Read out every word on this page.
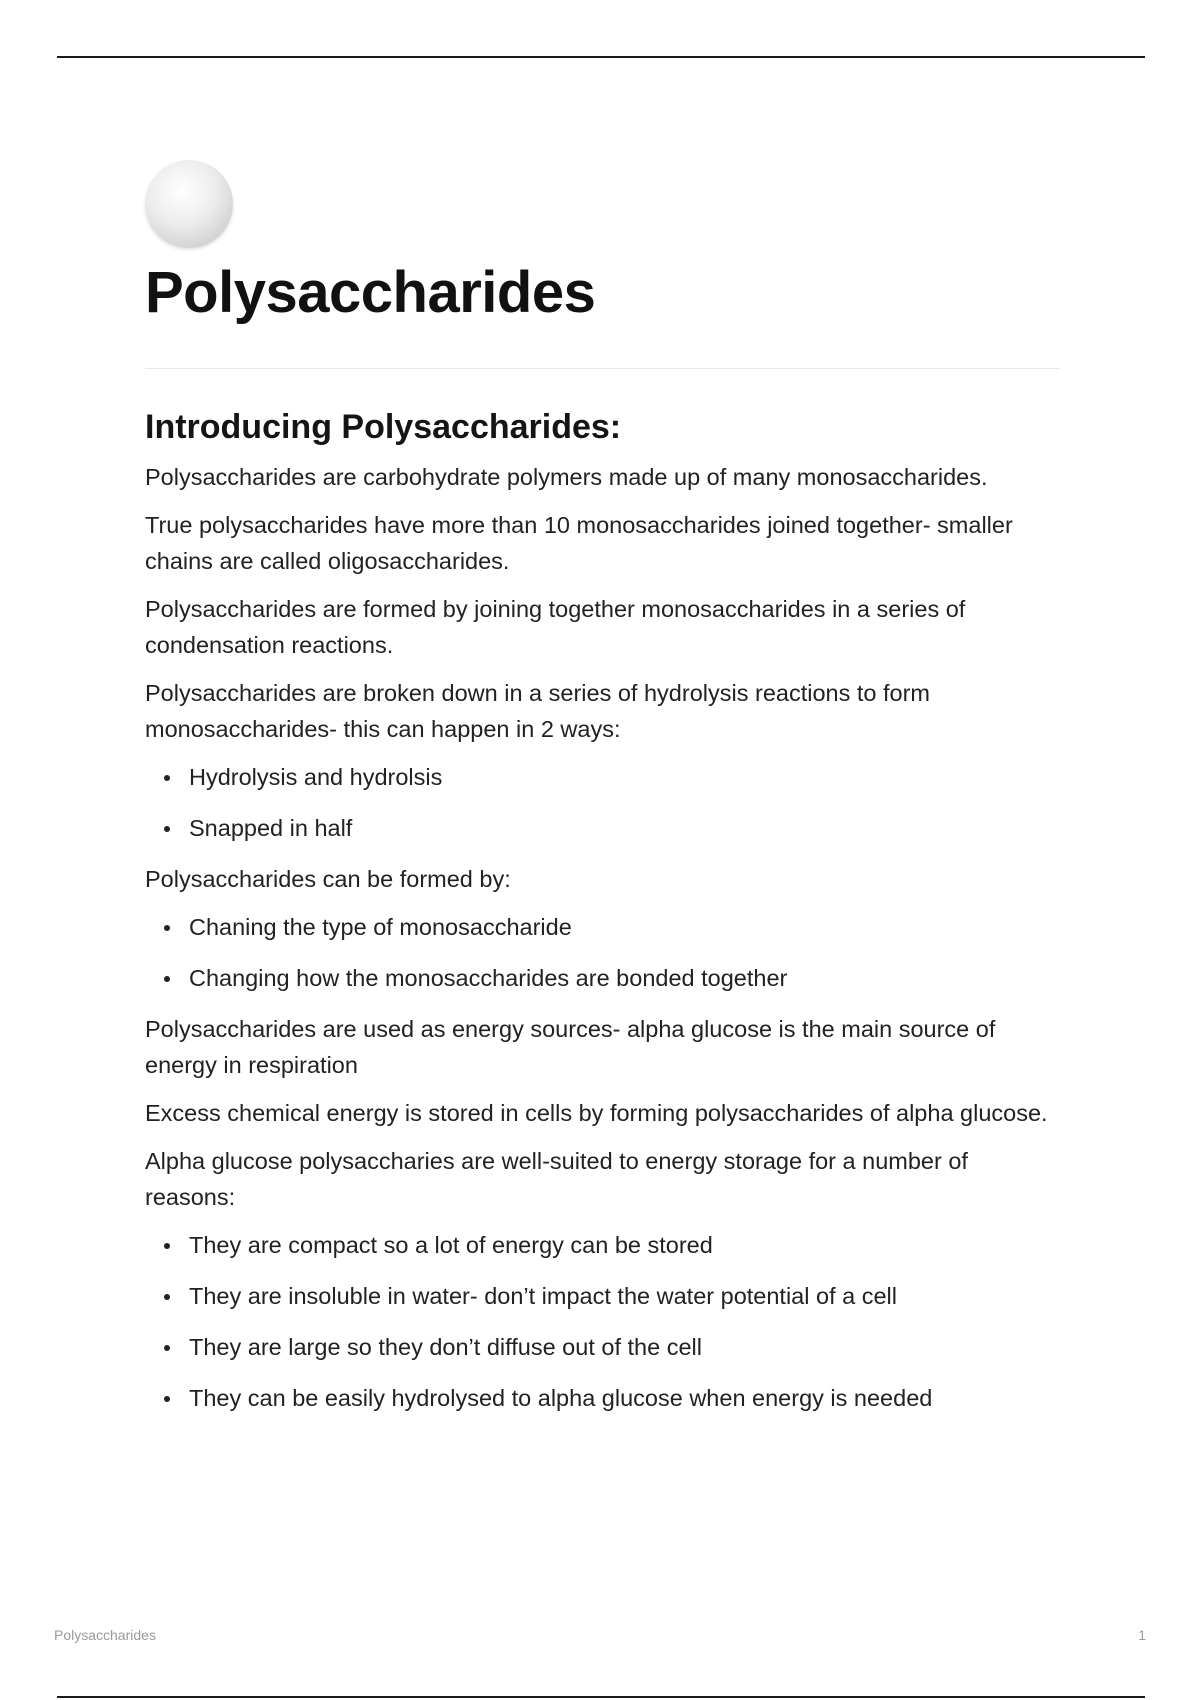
Polysaccharides
Introducing Polysaccharides:

Polysaccharides are carbohydrate polymers made up of many monosaccharides.

True polysaccharides have more than 10 monosaccharides joined together- smaller chains are called oligosaccharides.

Polysaccharides are formed by joining together monosaccharides in a series of condensation reactions.

Polysaccharides are broken down in a series of hydrolysis reactions to form monosaccharides- this can happen in 2 ways:

Hydrolysis and hydrolsis
Snapped in half

Polysaccharides can be formed by:

Chaning the type of monosaccharide
Changing how the monosaccharides are bonded together

Polysaccharides are used as energy sources- alpha glucose is the main source of energy in respiration

Excess chemical energy is stored in cells by forming polysaccharides of alpha glucose.

Alpha glucose polysaccharies are well-suited to energy storage for a number of reasons:

They are compact so a lot of energy can be stored
They are insoluble in water- don’t impact the water potential of a cell
They are large so they don’t diffuse out of the cell
They can be easily hydrolysed to alpha glucose when energy is needed
Polysaccharides	1
